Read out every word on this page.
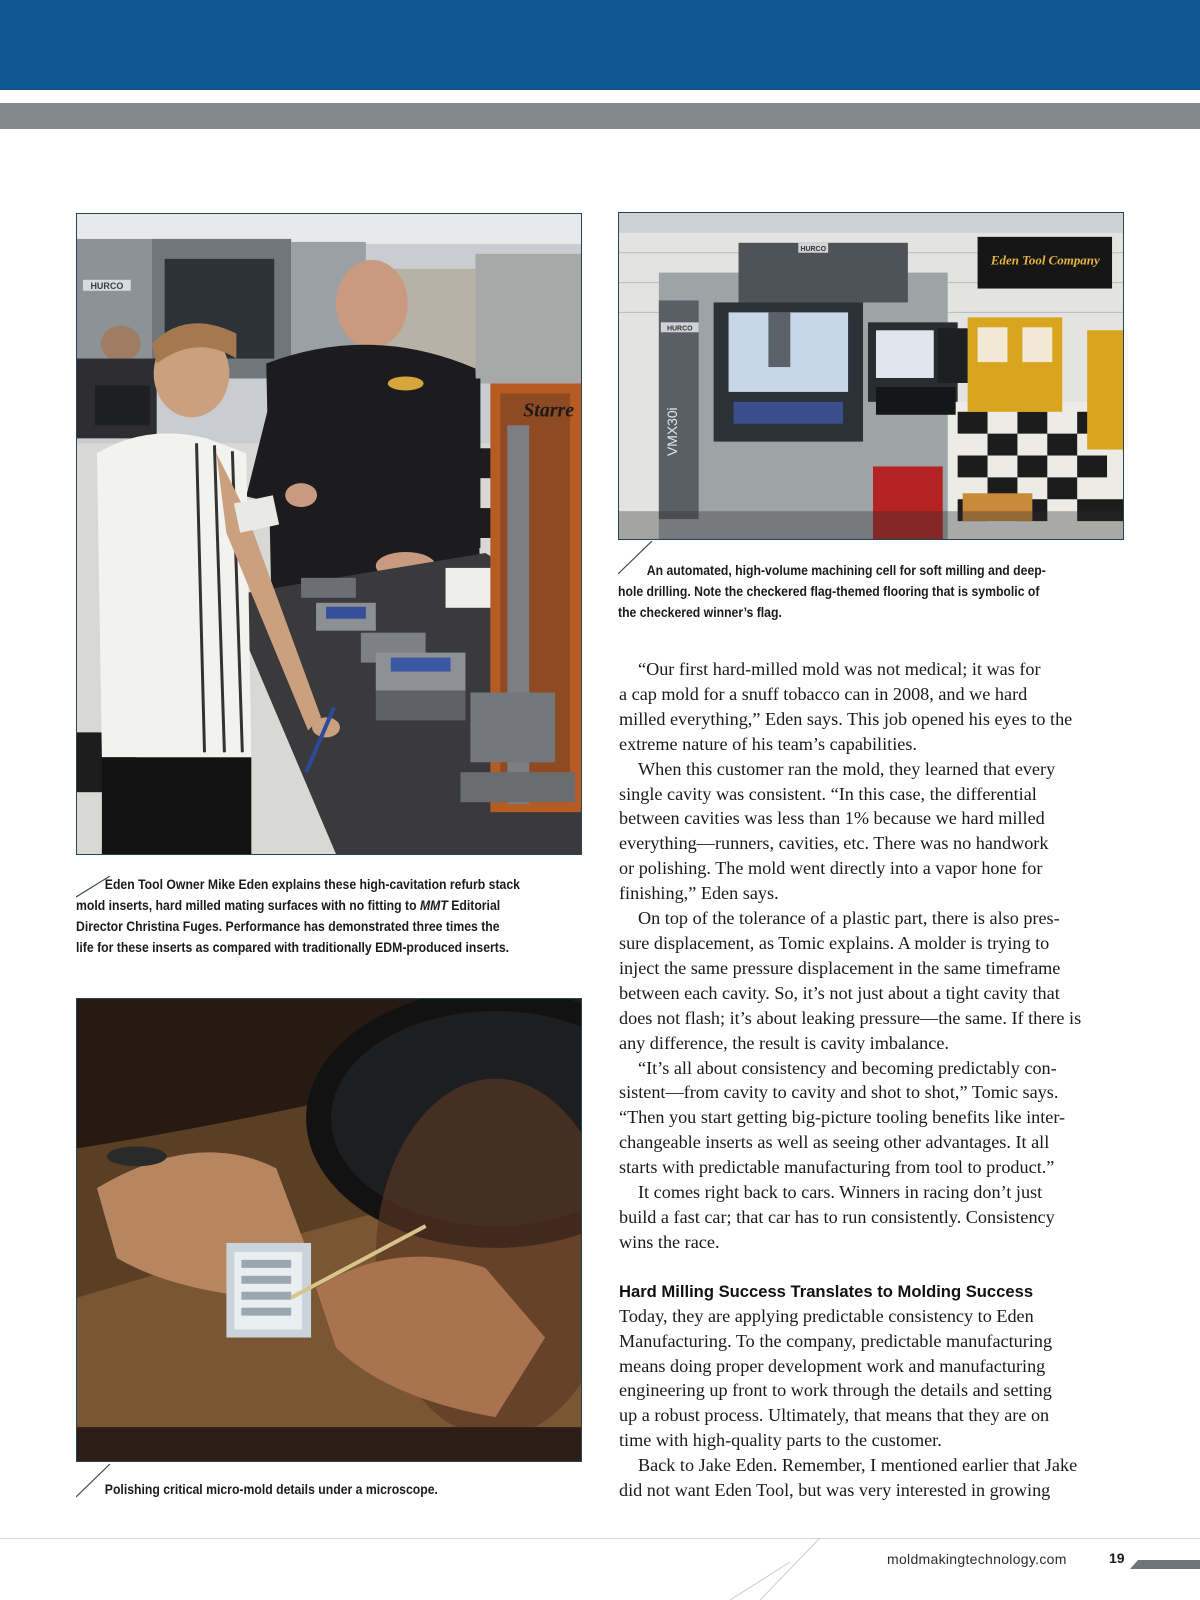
HURCO
Starre
Eden Tool Company
HURCO
HURCO
VMX30i
Eden Tool Owner Mike Eden explains these high-cavitation refurb stack
mold inserts, hard milled mating surfaces with no fitting to MMT Editorial
Director Christina Fuges. Performance has demonstrated three times the
life for these inserts as compared with traditionally EDM-produced inserts.
An automated, high-volume machining cell for soft milling and deep-
hole drilling. Note the checkered flag-themed flooring that is symbolic of
the checkered winner’s flag.
Polishing critical micro-mold details under a microscope.

“Our first hard-milled mold was not medical; it was for
a cap mold for a snuff tobacco can in 2008, and we hard
milled everything,” Eden says. This job opened his eyes to the
extreme nature of his team’s capabilities.

When this customer ran the mold, they learned that every
single cavity was consistent. “In this case, the differential
between cavities was less than 1% because we hard milled
everything—runners, cavities, etc. There was no handwork
or polishing. The mold went directly into a vapor hone for
finishing,” Eden says.

On top of the tolerance of a plastic part, there is also pres-
sure displacement, as Tomic explains. A molder is trying to
inject the same pressure displacement in the same timeframe
between each cavity. So, it’s not just about a tight cavity that
does not flash; it’s about leaking pressure—the same. If there is
any difference, the result is cavity imbalance.

“It’s all about consistency and becoming predictably con-
sistent—from cavity to cavity and shot to shot,” Tomic says.
“Then you start getting big-picture tooling benefits like inter-
changeable inserts as well as seeing other advantages. It all
starts with predictable manufacturing from tool to product.”

It comes right back to cars. Winners in racing don’t just
build a fast car; that car has to run consistently. Consistency
wins the race.

Hard Milling Success Translates to Molding Success

Today, they are applying predictable consistency to Eden
Manufacturing. To the company, predictable manufacturing
means doing proper development work and manufacturing
engineering up front to work through the details and setting
up a robust process. Ultimately, that means that they are on
time with high-quality parts to the customer.

Back to Jake Eden. Remember, I mentioned earlier that Jake
did not want Eden Tool, but was very interested in growing

moldmakingtechnology.com	19
